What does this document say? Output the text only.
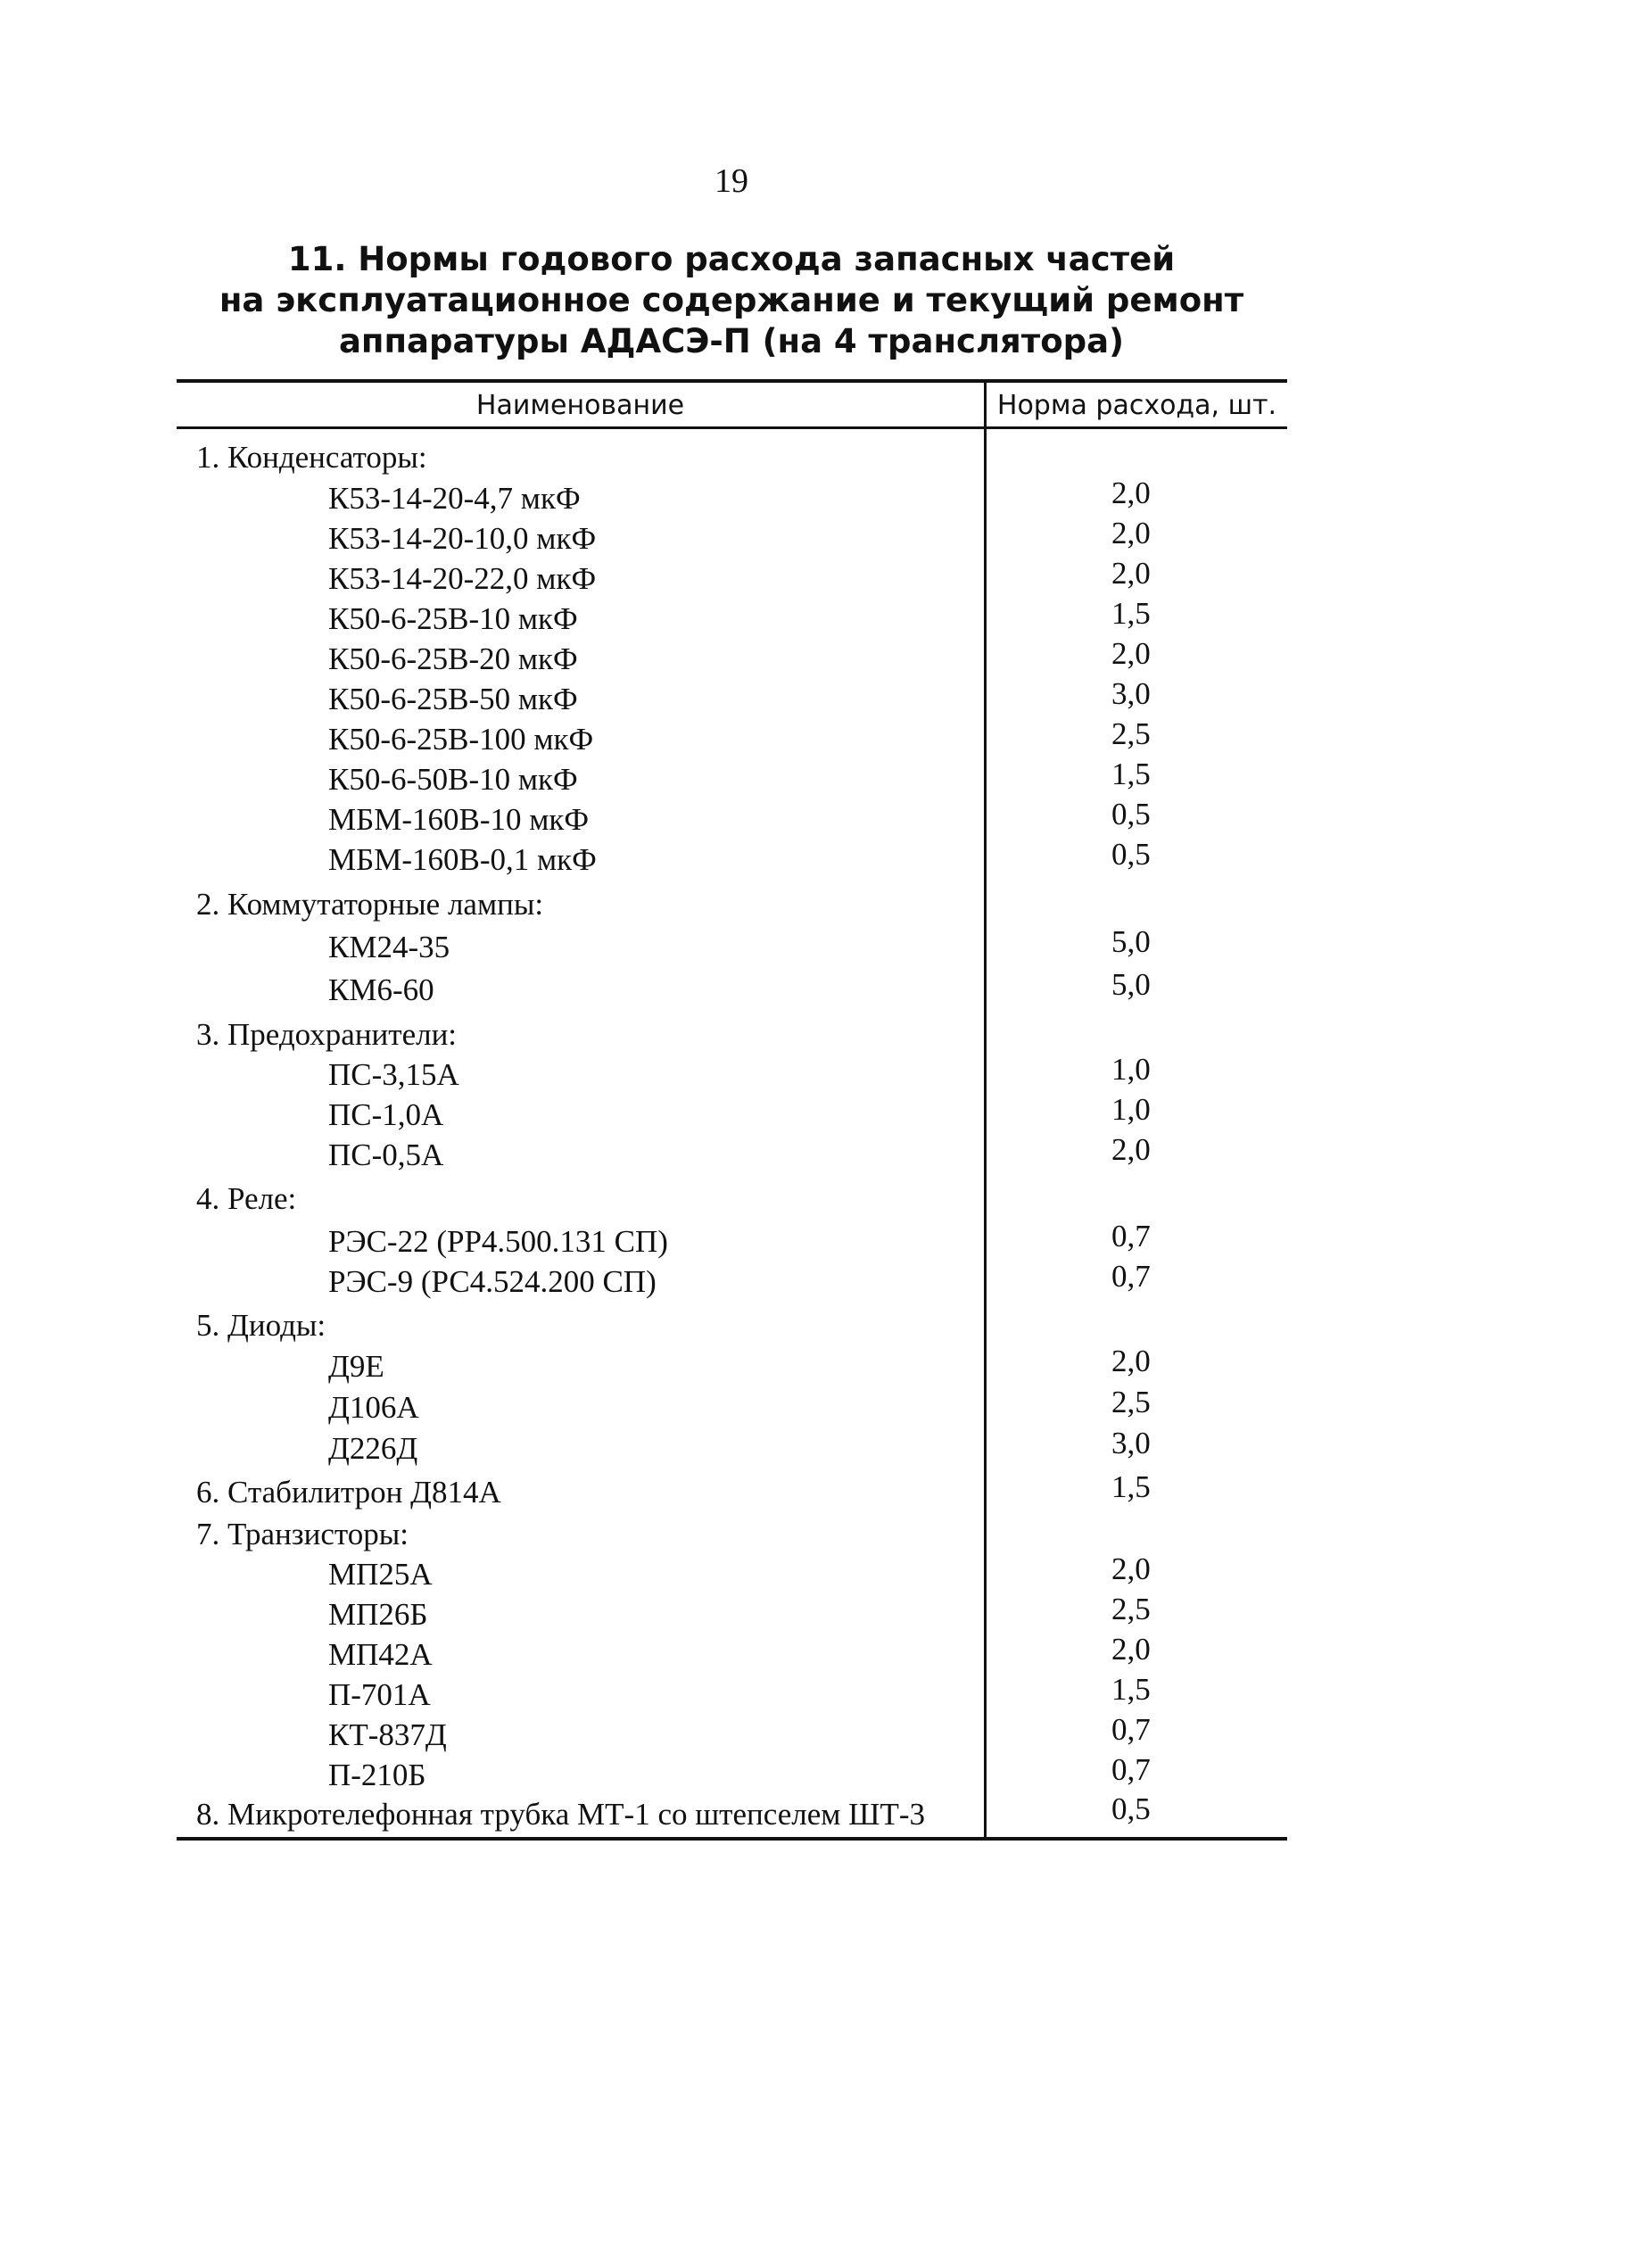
19
11. Нормы годового расхода запасных частей
на эксплуатационное содержание и текущий ремонт
аппаратуры АДАСЭ-П (на 4 транслятора)
Наименование	Норма расхода, шт.
1. Конденсаторы:
К53-14-20-4,7 мкФ	2,0
К53-14-20-10,0 мкФ	2,0
К53-14-20-22,0 мкФ	2,0
К50-6-25В-10 мкФ	1,5
К50-6-25В-20 мкФ	2,0
К50-6-25В-50 мкФ	3,0
К50-6-25В-100 мкФ	2,5
К50-6-50В-10 мкФ	1,5
МБМ-160В-10 мкФ	0,5
МБМ-160В-0,1 мкФ	0,5
2. Коммутаторные лампы:
КМ24-35	5,0
КМ6-60	5,0
3. Предохранители:
ПС-3,15А	1,0
ПС-1,0А	1,0
ПС-0,5А	2,0
4. Реле:
РЭС-22 (РР4.500.131 СП)	0,7
РЭС-9 (РС4.524.200 СП)	0,7
5. Диоды:
Д9Е	2,0
Д106А	2,5
Д226Д	3,0
6. Стабилитрон Д814А	1,5
7. Транзисторы:
МП25А	2,0
МП26Б	2,5
МП42А	2,0
П-701А	1,5
КТ-837Д	0,7
П-210Б	0,7
8. Микротелефонная трубка МТ-1 со штепселем ШТ-3	0,5
